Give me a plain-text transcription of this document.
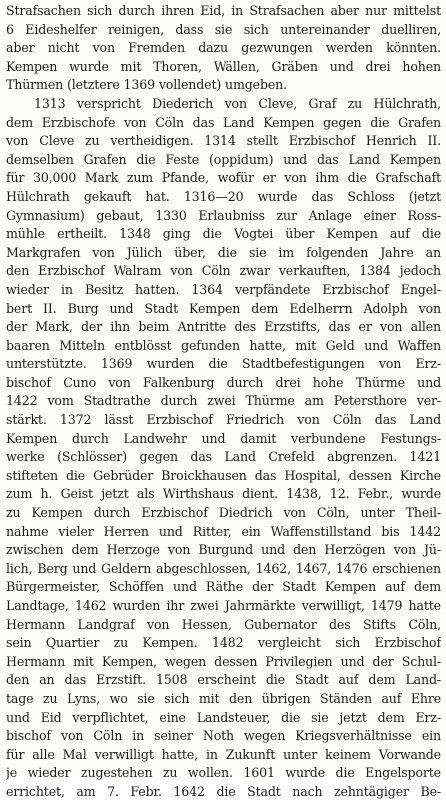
Strafsachen sich durch ihren Eid, in Strafsachen aber nur mittelst
6 Eideshelfer reinigen, dass sie sich untereinander duelliren,
aber nicht von Fremden dazu gezwungen werden könnten.
Kempen wurde mit Thoren, Wällen, Gräben und drei hohen
Thürmen (letztere 1369 vollendet) umgeben.
1313 verspricht Diederich von Cleve, Graf zu Hülchrath,
dem Erzbischofe von Cöln das Land Kempen gegen die Grafen
von Cleve zu vertheidigen. 1314 stellt Erzbischof Henrich II.
demselben Grafen die Feste (oppidum) und das Land Kempen
für 30,000 Mark zum Pfande, wofür er von ihm die Grafschaft
Hülchrath gekauft hat. 1316—20 wurde das Schloss (jetzt
Gymnasium) gebaut, 1330 Erlaubniss zur Anlage einer Ross-
mühle ertheilt. 1348 ging die Vogtei über Kempen auf die
Markgrafen von Jülich über, die sie im folgenden Jahre an
den Erzbischof Walram von Cöln zwar verkauften, 1384 jedoch
wieder in Besitz hatten. 1364 verpfändete Erzbischof Engel-
bert II. Burg und Stadt Kempen dem Edelherrn Adolph von
der Mark, der ihn beim Antritte des Erzstifts, das er von allen
baaren Mitteln entblösst gefunden hatte, mit Geld und Waffen
unterstützte. 1369 wurden die Stadtbefestigungen von Erz-
bischof Cuno von Falkenburg durch drei hohe Thürme und
1422 vom Stadtrathe durch zwei Thürme am Petersthore ver-
stärkt. 1372 lässt Erzbischof Friedrich von Cöln das Land
Kempen durch Landwehr und damit verbundene Festungs-
werke (Schlösser) gegen das Land Crefeld abgrenzen. 1421
stifteten die Gebrüder Broickhausen das Hospital, dessen Kirche
zum h. Geist jetzt als Wirthshaus dient. 1438, 12. Febr., wurde
zu Kempen durch Erzbischof Diedrich von Cöln, unter Theil-
nahme vieler Herren und Ritter, ein Waffenstillstand bis 1442
zwischen dem Herzoge von Burgund und den Herzögen von Jü-
lich, Berg und Geldern abgeschlossen, 1462, 1467, 1476 erschienen
Bürgermeister, Schöffen und Räthe der Stadt Kempen auf dem
Landtage, 1462 wurden ihr zwei Jahrmärkte verwilligt, 1479 hatte
Hermann Landgraf von Hessen, Gubernator des Stifts Cöln,
sein Quartier zu Kempen. 1482 vergleicht sich Erzbischof
Hermann mit Kempen, wegen dessen Privilegien und der Schul-
den an das Erzstift. 1508 erscheint die Stadt auf dem Land-
tage zu Lyns, wo sie sich mit den übrigen Ständen auf Ehre
und Eid verpflichtet, eine Landsteuer, die sie jetzt dem Erz-
bischof von Cöln in seiner Noth wegen Kriegsverhältnisse ein
für alle Mal verwilligt hatte, in Zukunft unter keinem Vorwande
je wieder zugestehen zu wollen. 1601 wurde die Engelsporte
errichtet, am 7. Febr. 1642 die Stadt nach zehntägiger Be-
